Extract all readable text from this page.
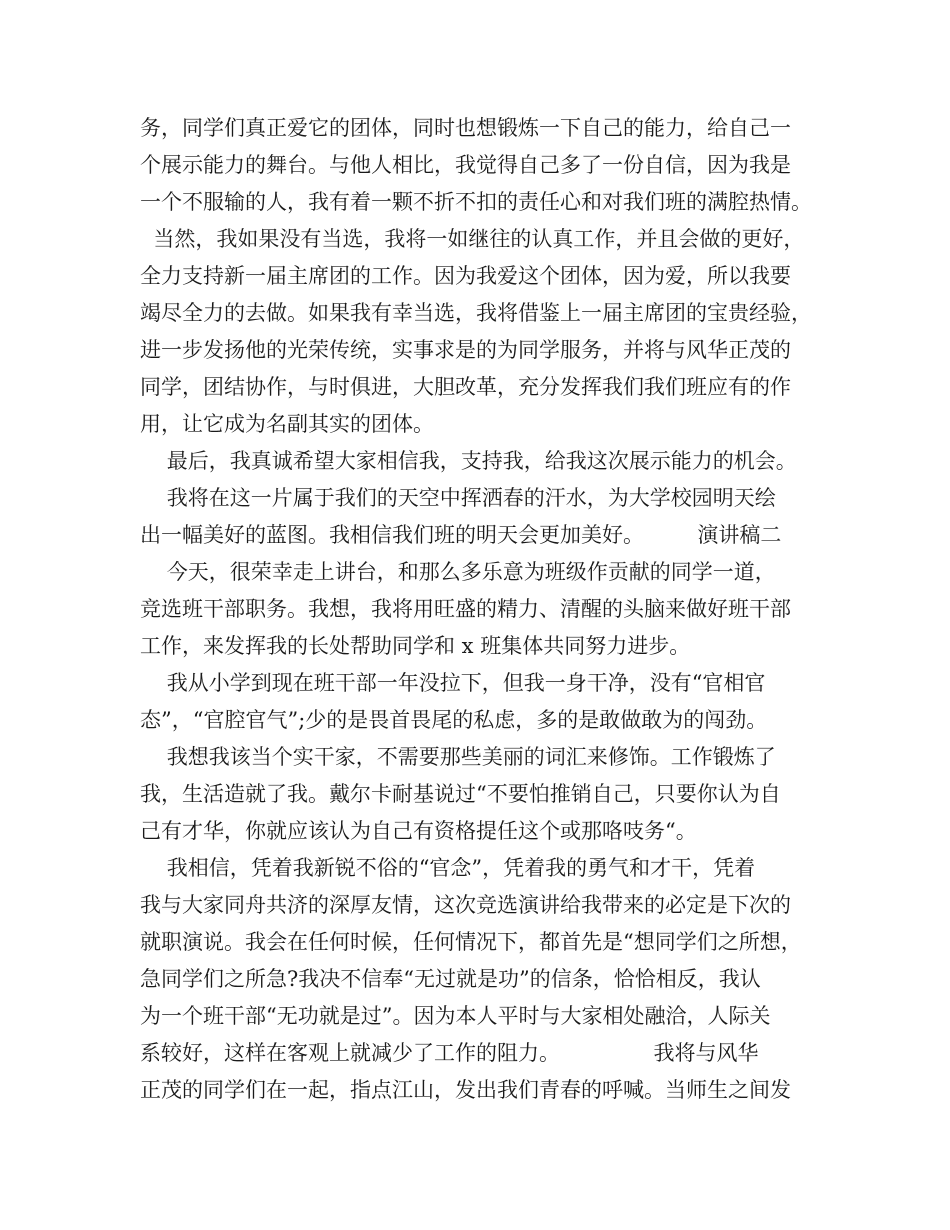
务，同学们真正爱它的团体，同时也想锻炼一下自己的能力，给自己一
个展示能力的舞台。与他人相比，我觉得自己多了一份自信，因为我是
一个不服输的人，我有着一颗不折不扣的责任心和对我们班的满腔热情。
当然，我如果没有当选，我将一如继往的认真工作，并且会做的更好，
全力支持新一届主席团的工作。因为我爱这个团体，因为爱，所以我要
竭尽全力的去做。如果我有幸当选，我将借鉴上一届主席团的宝贵经验，
进一步发扬他的光荣传统，实事求是的为同学服务，并将与风华正茂的
同学，团结协作，与时俱进，大胆改革，充分发挥我们我们班应有的作
用，让它成为名副其实的团体。
最后，我真诚希望大家相信我，支持我，给我这次展示能力的机会。
我将在这一片属于我们的天空中挥洒春的汗水，为大学校园明天绘
出一幅美好的蓝图。我相信我们班的明天会更加美好。        演讲稿二
今天，很荣幸走上讲台，和那么多乐意为班级作贡献的同学一道，
竞选班干部职务。我想，我将用旺盛的精力、清醒的头脑来做好班干部
工作，来发挥我的长处帮助同学和 x 班集体共同努力进步。
我从小学到现在班干部一年没拉下，但我一身干净，没有“官相官
态”，“官腔官气”;少的是畏首畏尾的私虑，多的是敢做敢为的闯劲。
我想我该当个实干家，不需要那些美丽的词汇来修饰。工作锻炼了
我，生活造就了我。戴尔卡耐基说过“不要怕推销自己，只要你认为自
己有才华，你就应该认为自己有资格提任这个或那咯吱务“。
我相信，凭着我新锐不俗的“官念”，凭着我的勇气和才干，凭着
我与大家同舟共济的深厚友情，这次竞选演讲给我带来的必定是下次的
就职演说。我会在任何时候，任何情况下，都首先是“想同学们之所想，
急同学们之所急?我决不信奉“无过就是功”的信条，恰恰相反，我认
为一个班干部“无功就是过”。因为本人平时与大家相处融洽，人际关
系较好，这样在客观上就减少了工作的阻力。              我将与风华
正茂的同学们在一起，指点江山，发出我们青春的呼喊。当师生之间发
